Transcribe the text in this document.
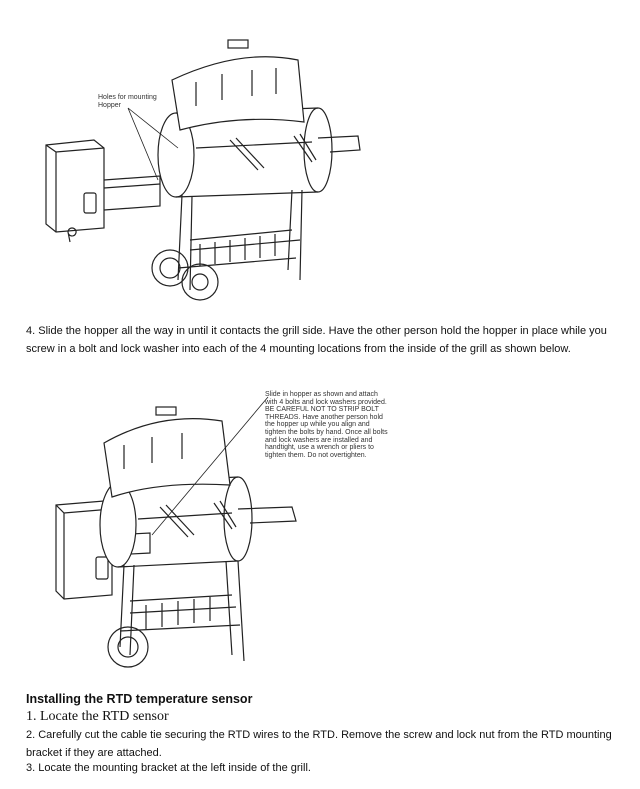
Holes for mounting Hopper

4. Slide the hopper all the way in until it contacts the grill side. Have the other person hold the hopper in place while you screw in a bolt and lock washer into each of the 4 mounting locations from the inside of the grill as shown below.

Slide in hopper as shown and attach with 4 bolts and lock washers provided. BE CAREFUL NOT TO STRIP BOLT THREADS. Have another person hold the hopper up while you align and tighten the bolts by hand. Once all bolts and lock washers are installed and handtight, use a wrench or pliers to tighten them. Do not overtighten.
Installing the RTD temperature sensor

1. Locate the RTD sensor

2. Carefully cut the cable tie securing the RTD wires to the RTD. Remove the screw and lock nut from the RTD mounting bracket if they are attached.

3. Locate the mounting bracket at the left inside of the grill.
